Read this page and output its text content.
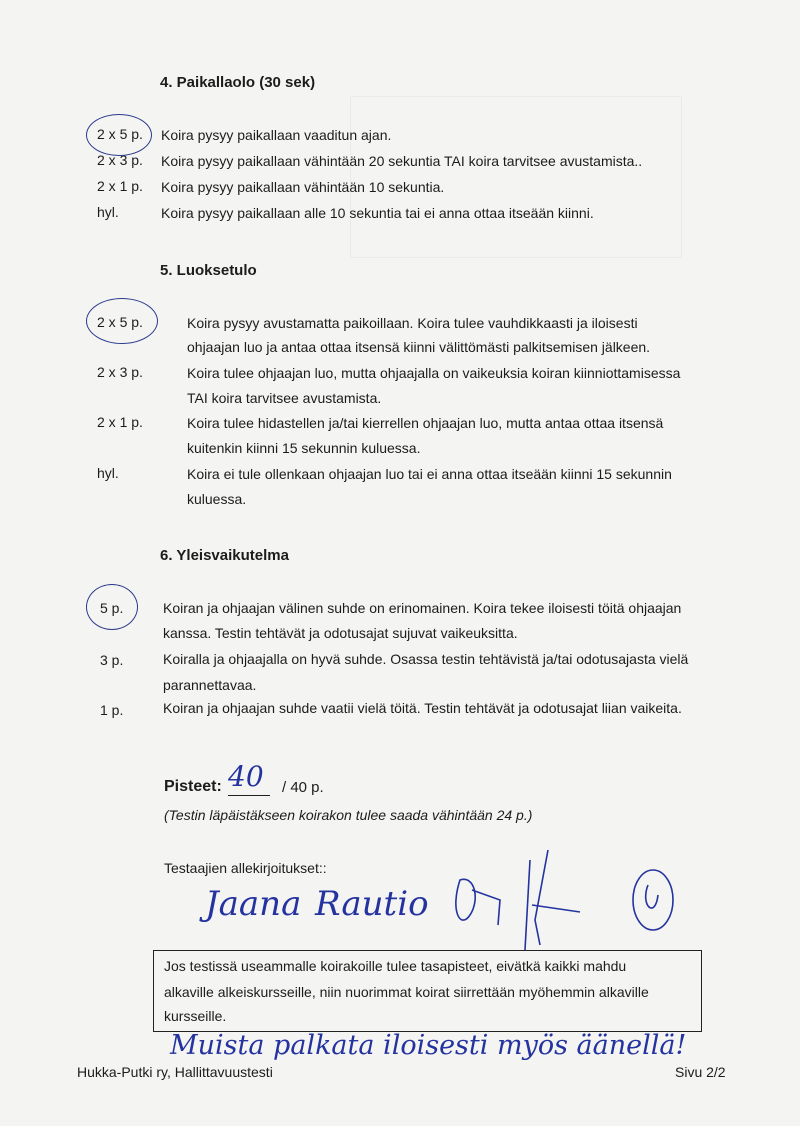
4. Paikallaolo (30 sek)
2 x 5 p. Koira pysyy paikallaan vaaditun ajan.
2 x 3 p. Koira pysyy paikallaan vähintään 20 sekuntia TAI koira tarvitsee avustamista..
2 x 1 p. Koira pysyy paikallaan vähintään 10 sekuntia.
hyl.	Koira pysyy paikallaan alle 10 sekuntia tai ei anna ottaa itseään kiinni.
5. Luoksetulo
2 x 5 p.	Koira pysyy avustamatta paikoillaan. Koira tulee vauhdikkaasti ja iloisesti
ohjaajan luo ja antaa ottaa itsensä kiinni välittömästi palkitsemisen jälkeen.
2 x 3 p.	Koira tulee ohjaajan luo, mutta ohjaajalla on vaikeuksia koiran kiinniottamisessa
TAI koira tarvitsee avustamista.
2 x 1 p.	Koira tulee hidastellen ja/tai kierrellen ohjaajan luo, mutta antaa ottaa itsensä
kuitenkin kiinni 15 sekunnin kuluessa.
hyl.	Koira ei tule ollenkaan ohjaajan luo tai ei anna ottaa itseään kiinni 15 sekunnin
kuluessa.
6. Yleisvaikutelma
5 p.	Koiran ja ohjaajan välinen suhde on erinomainen. Koira tekee iloisesti töitä ohjaajan
kanssa. Testin tehtävät ja odotusajat sujuvat vaikeuksitta.
3 p.	Koiralla ja ohjaajalla on hyvä suhde. Osassa testin tehtävistä ja/tai odotusajasta vielä
parannettavaa.
1 p.	Koiran ja ohjaajan suhde vaatii vielä töitä. Testin tehtävät ja odotusajat liian vaikeita.
Pisteet: 40 / 40 p.
(Testin läpäistäkseen koirakon tulee saada vähintään 24 p.)
Testaajien allekirjoitukset::
Jaana Rautio
Jos testissä useammalle koirakoille tulee tasapisteet, eivätkä kaikki mahdu
alkaville alkeiskursseille, niin nuorimmat koirat siirrettään myöhemmin alkaville
kursseille.
Muista palkata iloisesti myös äänellä!
Hukka-Putki ry, Hallittavuustesti	Sivu 2/2
